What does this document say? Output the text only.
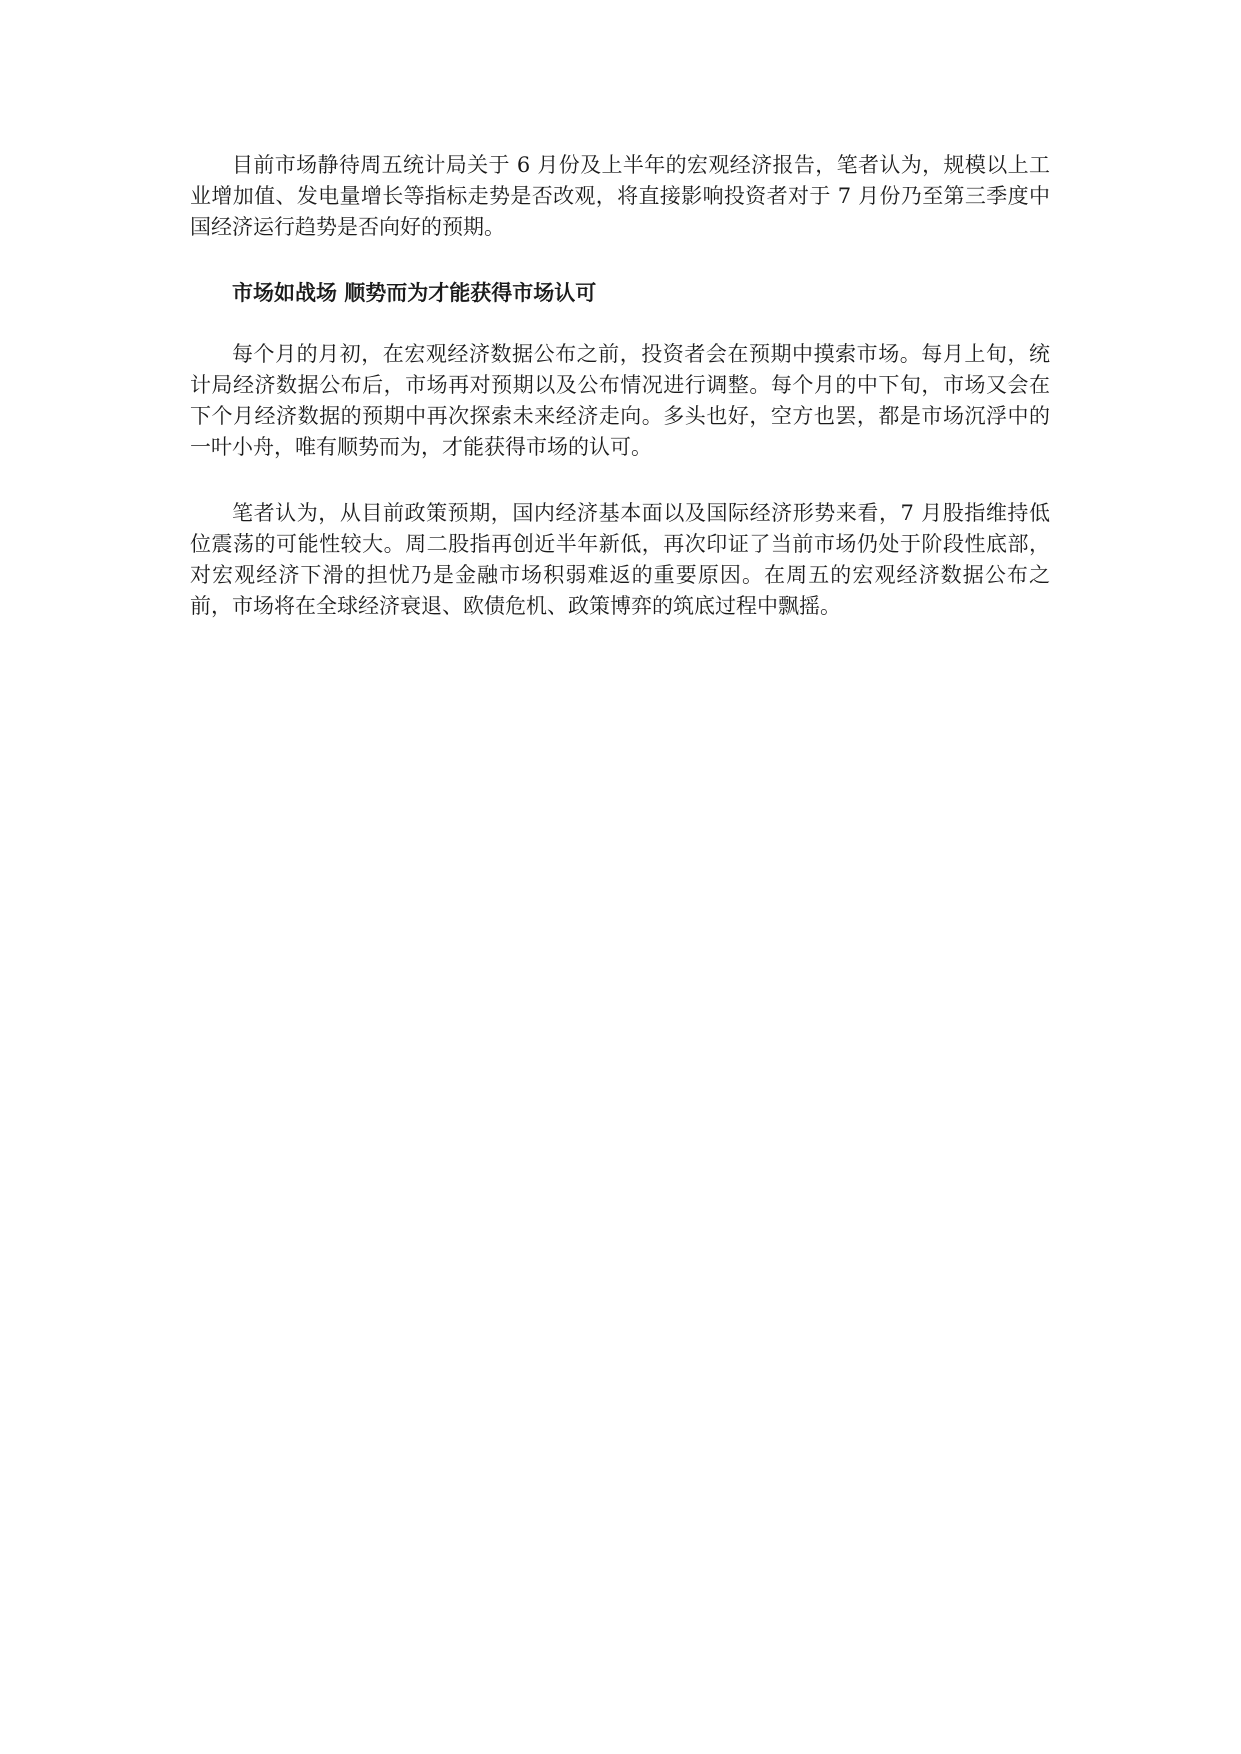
目前市场静待周五统计局关于 6 月份及上半年的宏观经济报告，笔者认为，规模以上工业增加值、发电量增长等指标走势是否改观，将直接影响投资者对于 7 月份乃至第三季度中国经济运行趋势是否向好的预期。

市场如战场 顺势而为才能获得市场认可

每个月的月初，在宏观经济数据公布之前，投资者会在预期中摸索市场。每月上旬，统计局经济数据公布后，市场再对预期以及公布情况进行调整。每个月的中下旬，市场又会在下个月经济数据的预期中再次探索未来经济走向。多头也好，空方也罢，都是市场沉浮中的一叶小舟，唯有顺势而为，才能获得市场的认可。

笔者认为，从目前政策预期，国内经济基本面以及国际经济形势来看，7 月股指维持低位震荡的可能性较大。周二股指再创近半年新低，再次印证了当前市场仍处于阶段性底部，对宏观经济下滑的担忧乃是金融市场积弱难返的重要原因。在周五的宏观经济数据公布之前，市场将在全球经济衰退、欧债危机、政策博弈的筑底过程中飘摇。
